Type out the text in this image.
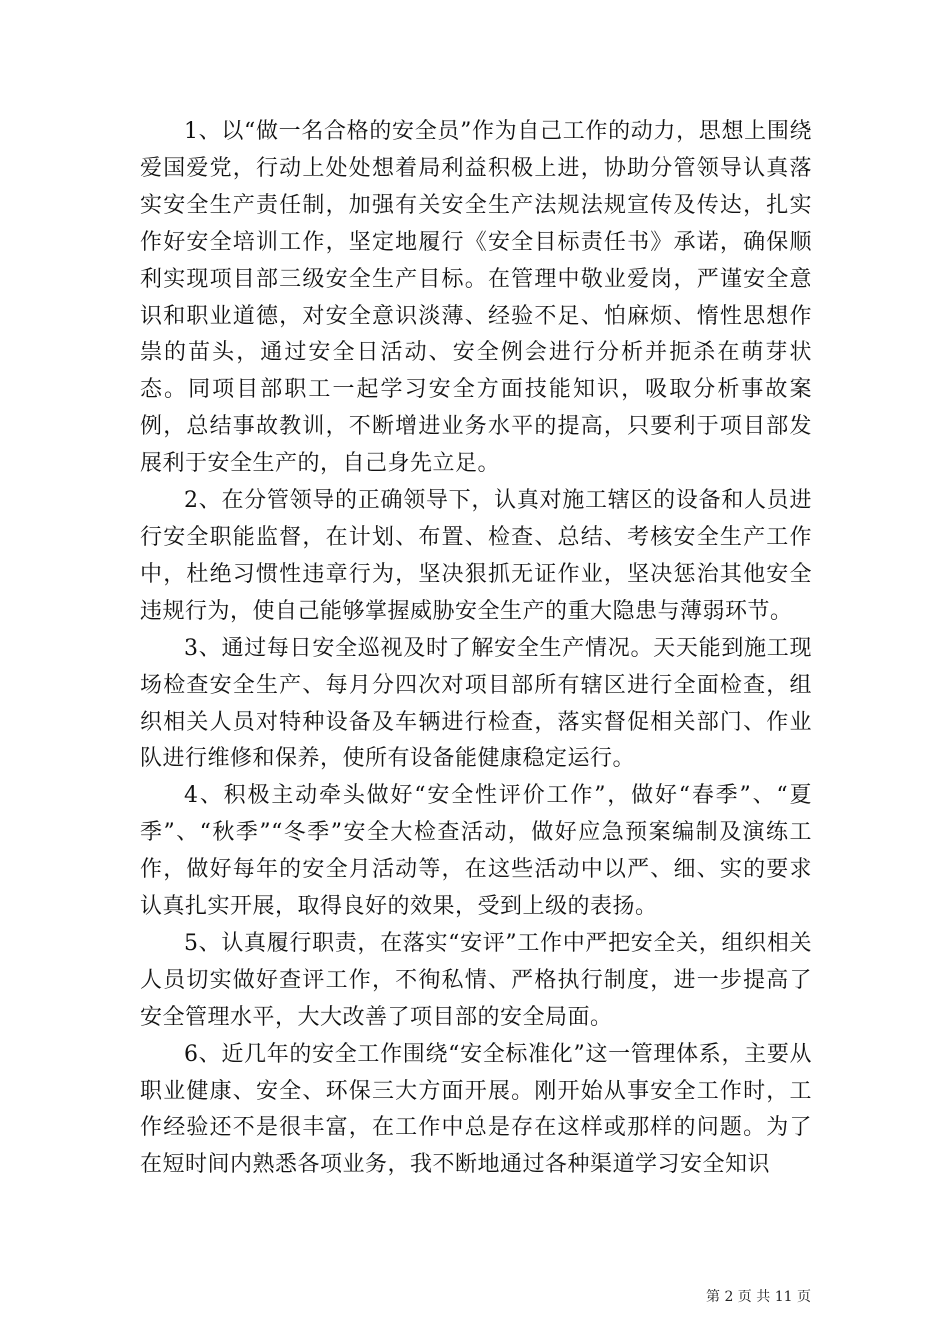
1、以“做一名合格的安全员”作为自己工作的动力，思想上围绕爱国爱党，行动上处处想着局利益积极上进，协助分管领导认真落实安全生产责任制，加强有关安全生产法规法规宣传及传达，扎实作好安全培训工作，坚定地履行《安全目标责任书》承诺，确保顺利实现项目部三级安全生产目标。在管理中敬业爱岗，严谨安全意识和职业道德，对安全意识淡薄、经验不足、怕麻烦、惰性思想作祟的苗头，通过安全日活动、安全例会进行分析并扼杀在萌芽状态。同项目部职工一起学习安全方面技能知识，吸取分析事故案例，总结事故教训，不断增进业务水平的提高，只要利于项目部发展利于安全生产的，自己身先立足。

2、在分管领导的正确领导下，认真对施工辖区的设备和人员进行安全职能监督，在计划、布置、检查、总结、考核安全生产工作中，杜绝习惯性违章行为，坚决狠抓无证作业，坚决惩治其他安全违规行为，使自己能够掌握威胁安全生产的重大隐患与薄弱环节。

3、通过每日安全巡视及时了解安全生产情况。天天能到施工现场检查安全生产、每月分四次对项目部所有辖区进行全面检查，组织相关人员对特种设备及车辆进行检查，落实督促相关部门、作业队进行维修和保养，使所有设备能健康稳定运行。

4、积极主动牵头做好“安全性评价工作”，做好“春季”、“夏季”、“秋季”“冬季”安全大检查活动，做好应急预案编制及演练工作，做好每年的安全月活动等，在这些活动中以严、细、实的要求认真扎实开展，取得良好的效果，受到上级的表扬。

5、认真履行职责，在落实“安评”工作中严把安全关，组织相关人员切实做好查评工作，不徇私情、严格执行制度，进一步提高了安全管理水平，大大改善了项目部的安全局面。

6、近几年的安全工作围绕“安全标准化”这一管理体系，主要从职业健康、安全、环保三大方面开展。刚开始从事安全工作时，工作经验还不是很丰富，在工作中总是存在这样或那样的问题。为了在短时间内熟悉各项业务，我不断地通过各种渠道学习安全知识

第 2 页 共 11 页
